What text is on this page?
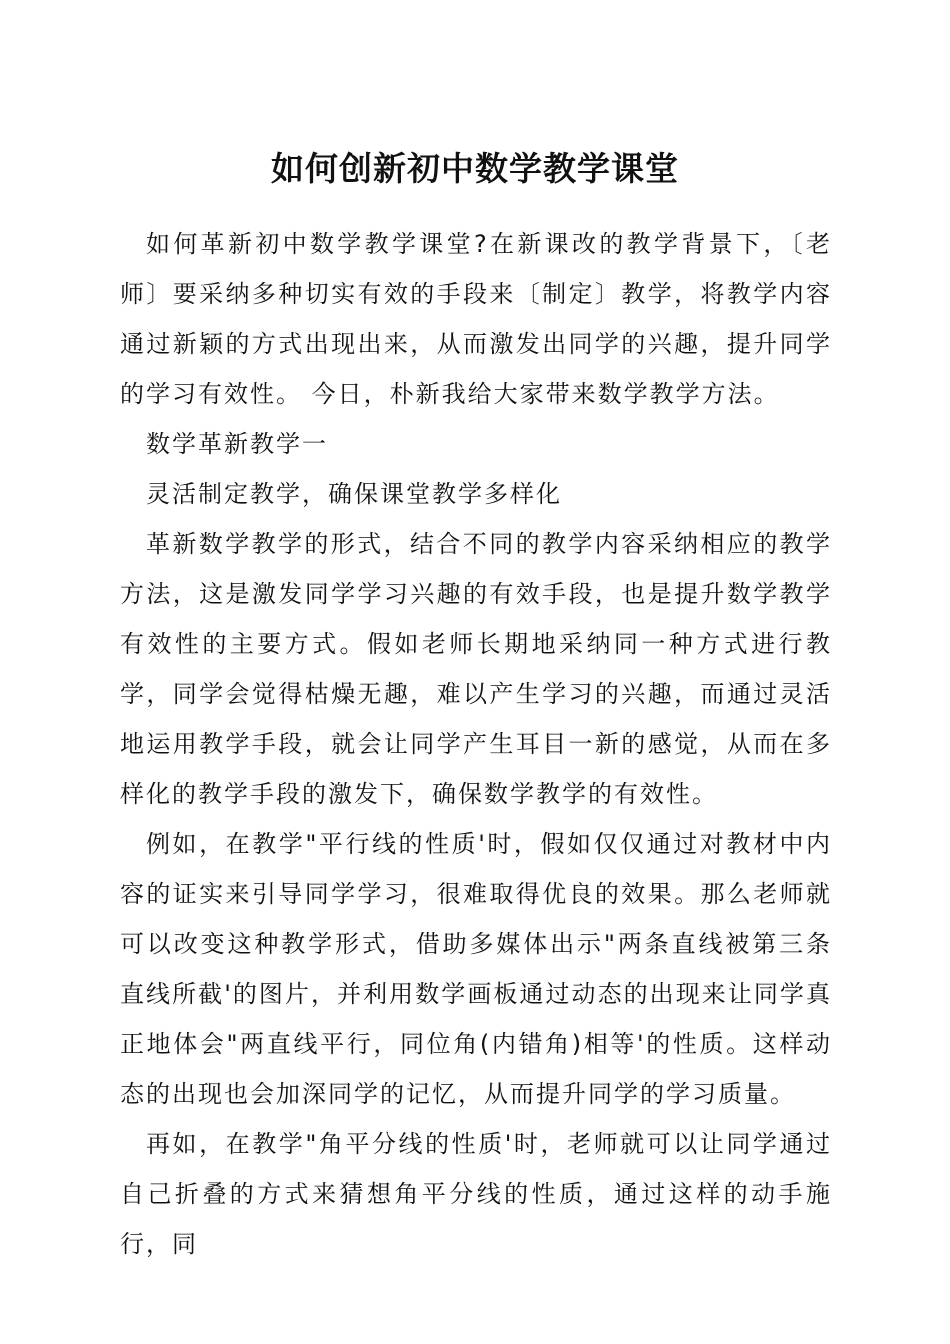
如何创新初中数学教学课堂

如何革新初中数学教学课堂?在新课改的教学背景下，〔老师〕要采纳多种切实有效的手段来〔制定〕教学，将教学内容通过新颖的方式出现出来，从而激发出同学的兴趣，提升同学的学习有效性。 今日，朴新我给大家带来数学教学方法。

数学革新教学一

灵活制定教学，确保课堂教学多样化

革新数学教学的形式，结合不同的教学内容采纳相应的教学方法，这是激发同学学习兴趣的有效手段，也是提升数学教学有效性的主要方式。假如老师长期地采纳同一种方式进行教学，同学会觉得枯燥无趣，难以产生学习的兴趣，而通过灵活地运用教学手段，就会让同学产生耳目一新的感觉，从而在多样化的教学手段的激发下，确保数学教学的有效性。

例如，在教学"平行线的性质'时，假如仅仅通过对教材中内容的证实来引导同学学习，很难取得优良的效果。那么老师就可以改变这种教学形式，借助多媒体出示"两条直线被第三条直线所截'的图片，并利用数学画板通过动态的出现来让同学真正地体会"两直线平行，同位角(内错角)相等'的性质。这样动态的出现也会加深同学的记忆，从而提升同学的学习质量。

再如，在教学"角平分线的性质'时，老师就可以让同学通过自己折叠的方式来猜想角平分线的性质，通过这样的动手施行，同
